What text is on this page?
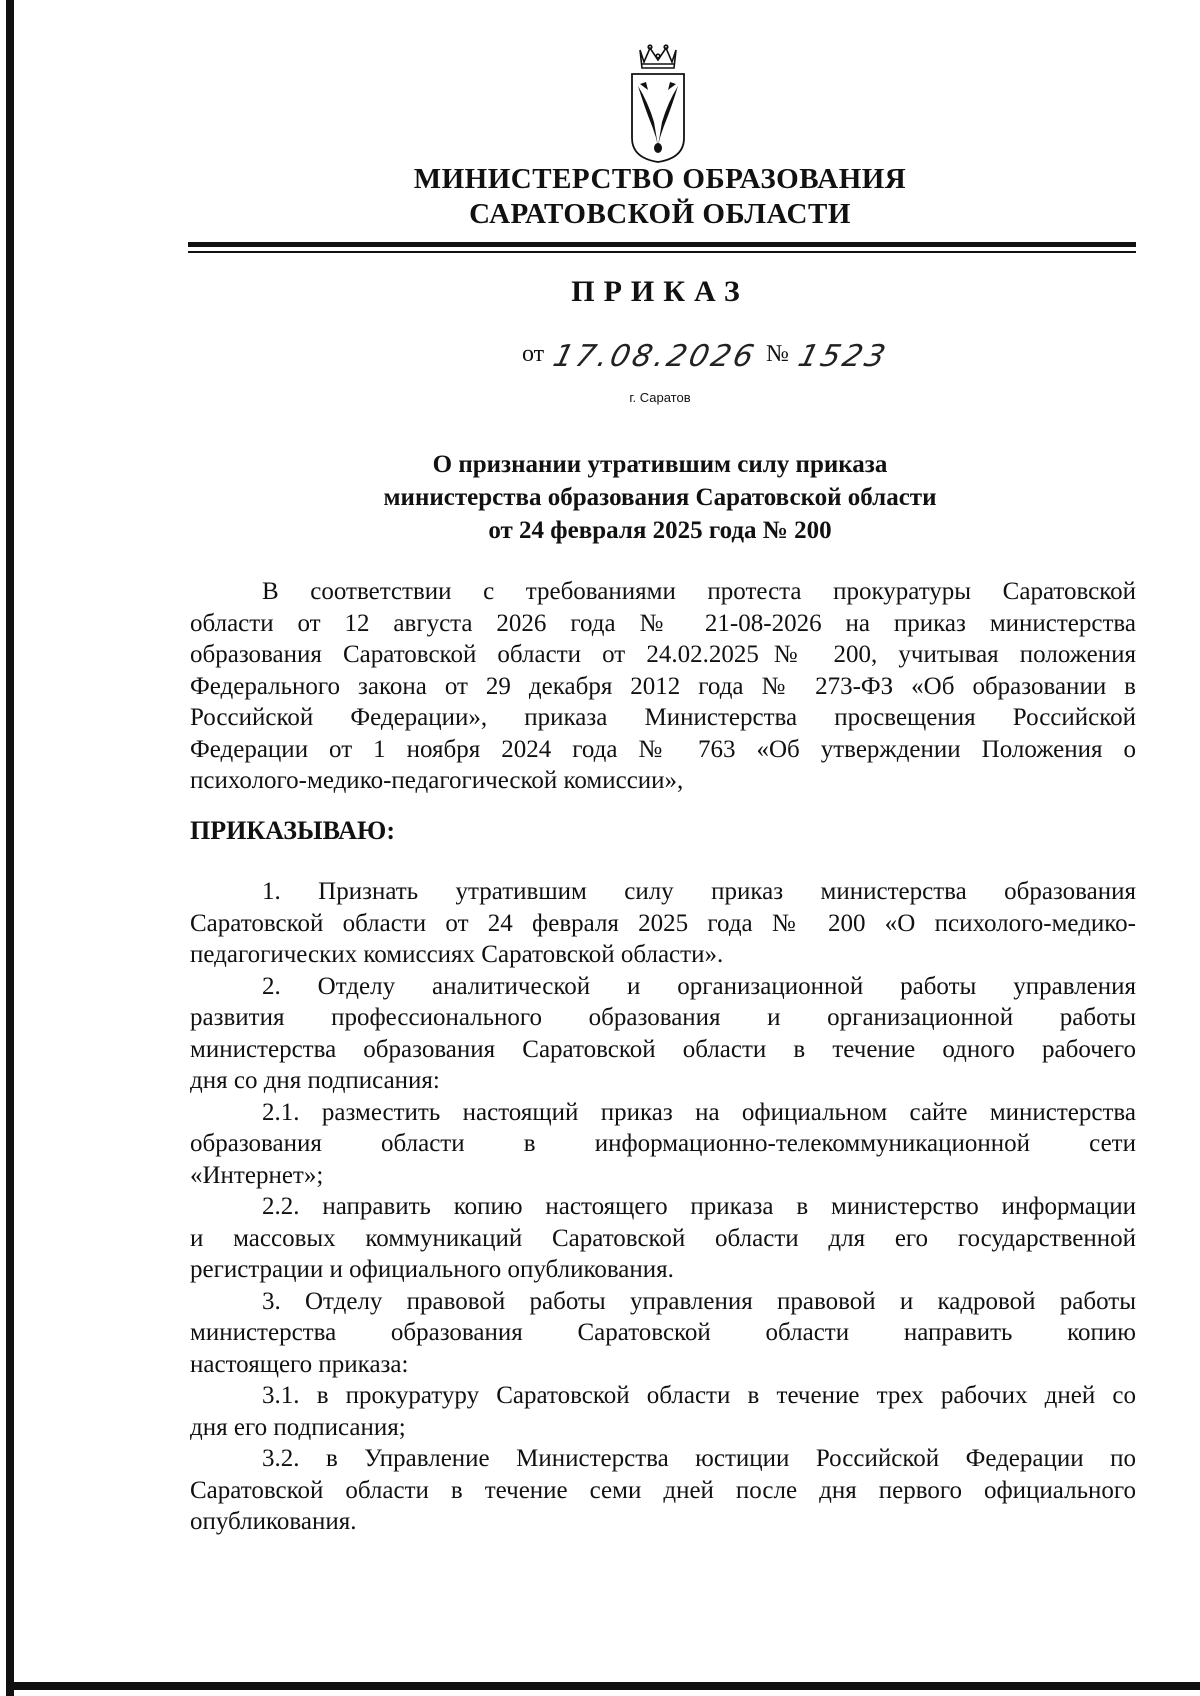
МИНИСТЕРСТВО ОБРАЗОВАНИЯ
САРАТОВСКОЙ ОБЛАСТИ
ПРИКАЗ
от 17.08.2026 № 1523
г. Саратов
О признании утратившим силу приказа
министерства образования Саратовской области
от 24 февраля 2025 года № 200
В соответствии с требованиями протеста прокуратуры Саратовской
области от 12 августа 2026 года № 21-08-2026 на приказ министерства
образования Саратовской области от 24.02.2025№ 200, учитывая положения
Федерального закона от 29 декабря 2012 года № 273-ФЗ «Об образовании в
Российской Федерации», приказа Министерства просвещения Российской
Федерации от 1 ноября 2024 года № 763 «Об утверждении Положения о
психолого-медико-педагогической комиссии»,
ПРИКАЗЫВАЮ:
1. Признать утратившим силу приказ министерства образования
Саратовской области от 24 февраля 2025 года № 200 «О психолого-медико-
педагогических комиссиях Саратовской области».
2. Отделу аналитической и организационной работы управления
развития профессионального образования и организационной работы
министерства образования Саратовской области в течение одного рабочего
дня со дня подписания:
2.1. разместить настоящий приказ на официальном сайте министерства
образования области в информационно-телекоммуникационной сети
«Интернет»;
2.2. направить копию настоящего приказа в министерство информации
и массовых коммуникаций Саратовской области для его государственной
регистрации и официального опубликования.
3. Отделу правовой работы управления правовой и кадровой работы
министерства образования Саратовской области направить копию
настоящего приказа:
3.1. в прокуратуру Саратовской области в течение трех рабочих дней со
дня его подписания;
3.2. в Управление Министерства юстиции Российской Федерации по
Саратовской области в течение семи дней после дня первого официального
опубликования.
